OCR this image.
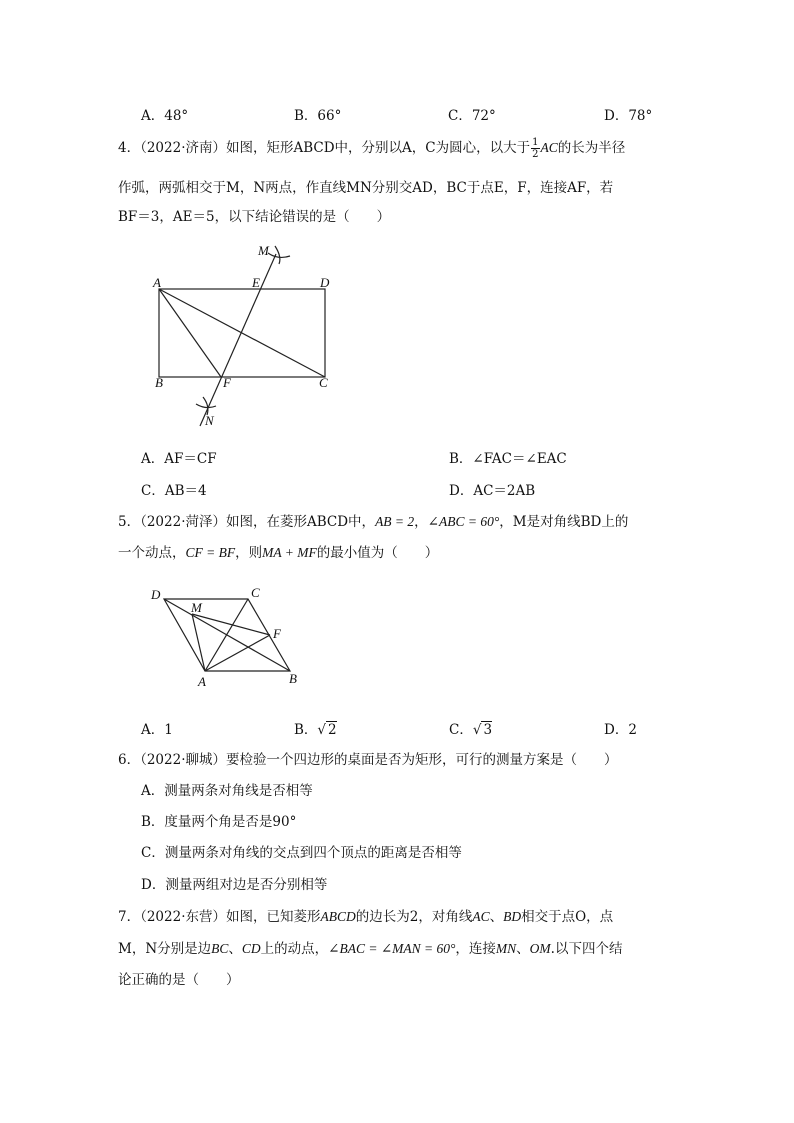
A．48°	B．66°	C．72°	D．78°
4．（2022·济南）如图，矩形ABCD中，分别以A，C为圆心，以大于 $\frac{1}{2}$ AC的长为半径
作弧，两弧相交于M，N两点，作直线MN分别交AD，BC于点E，F，连接AF，若
BF＝3，AE＝5，以下结论错误的是（　　）
A	E	D
M
B	F	C
N
A．AF＝CF	B．∠FAC＝∠EAC
C．AB＝4	D．AC＝2AB
5．（2022·菏泽）如图，在菱形ABCD中，AB = 2，∠ABC = 60°，M是对角线BD上的
一个动点，CF = BF，则MA + MF的最小值为（　　）
D	C
M
F
A	B
A．1	B．√ 2	C．√ 3	D．2
6．（2022·聊城）要检验一个四边形的桌面是否为矩形，可行的测量方案是（　　）
A．测量两条对角线是否相等
B．度量两个角是否是90°
C．测量两条对角线的交点到四个顶点的距离是否相等
D．测量两组对边是否分别相等
7．（2022·东营）如图，已知菱形ABCD的边长为2，对角线AC、BD相交于点O，点
M，N分别是边BC、CD上的动点，∠BAC = ∠MAN = 60°，连接MN、OM.以下四个结
论正确的是（　　）
